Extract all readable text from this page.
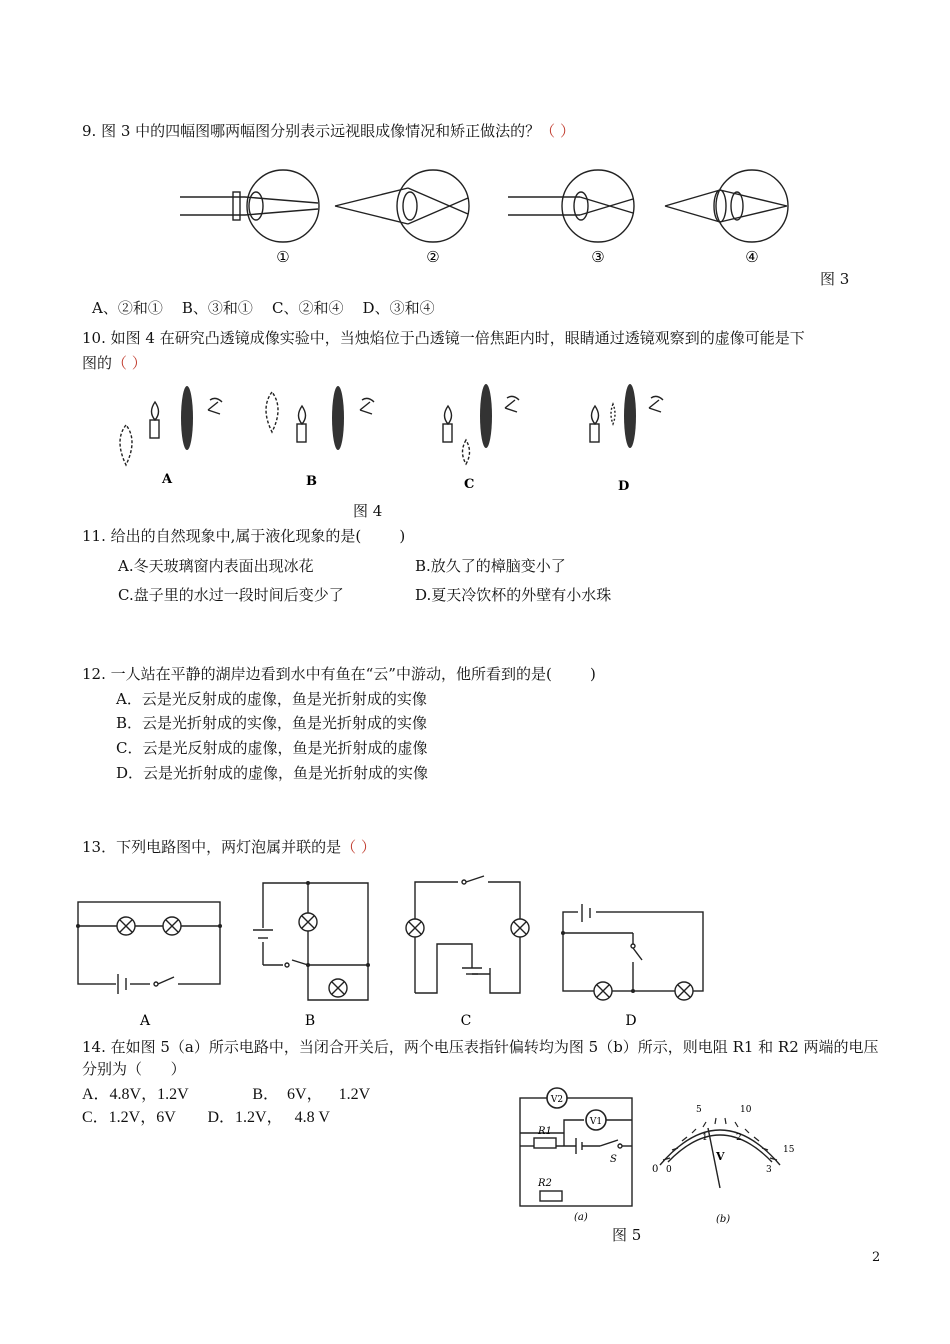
9. 图 3 中的四幅图哪两幅图分别表示远视眼成像情况和矫正做法的？（ ）
①	②	③	④
图 3
A、②和①    B、③和①    C、②和④    D、③和④
10. 如图 4 在研究凸透镜成像实验中，当烛焰位于凸透镜一倍焦距内时，眼睛通过透镜观察到的虚像可能是下
图的（ ）
A	B	C	D
图 4
11. 给出的自然现象中,属于液化现象的是(        )
A.冬天玻璃窗内表面出现冰花	B.放久了的樟脑变小了
C.盘子里的水过一段时间后变少了	D.夏天冷饮杯的外壁有小水珠
12. 一人站在平静的湖岸边看到水中有鱼在“云”中游动，他所看到的是(        )
A．云是光反射成的虚像，鱼是光折射成的实像
B．云是光折射成的实像，鱼是光折射成的实像
C．云是光反射成的虚像，鱼是光折射成的虚像
D．云是光折射成的虚像，鱼是光折射成的实像
13．下列电路图中，两灯泡属并联的是（ ）
A	B	C	D
14. 在如图 5（a）所示电路中，当闭合开关后，两个电压表指针偏转均为图 5（b）所示，则电阻 R1 和 R2 两端的电压
分别为（      ）
A．4.8V，1.2V                B．  6V，    1.2V
C．1.2V，6V        D．1.2V，   4.8 V
V2
V1
R1
S
R2
(a)
0 0
1	2
3
5	10
15
V
(b)
图 5
2
